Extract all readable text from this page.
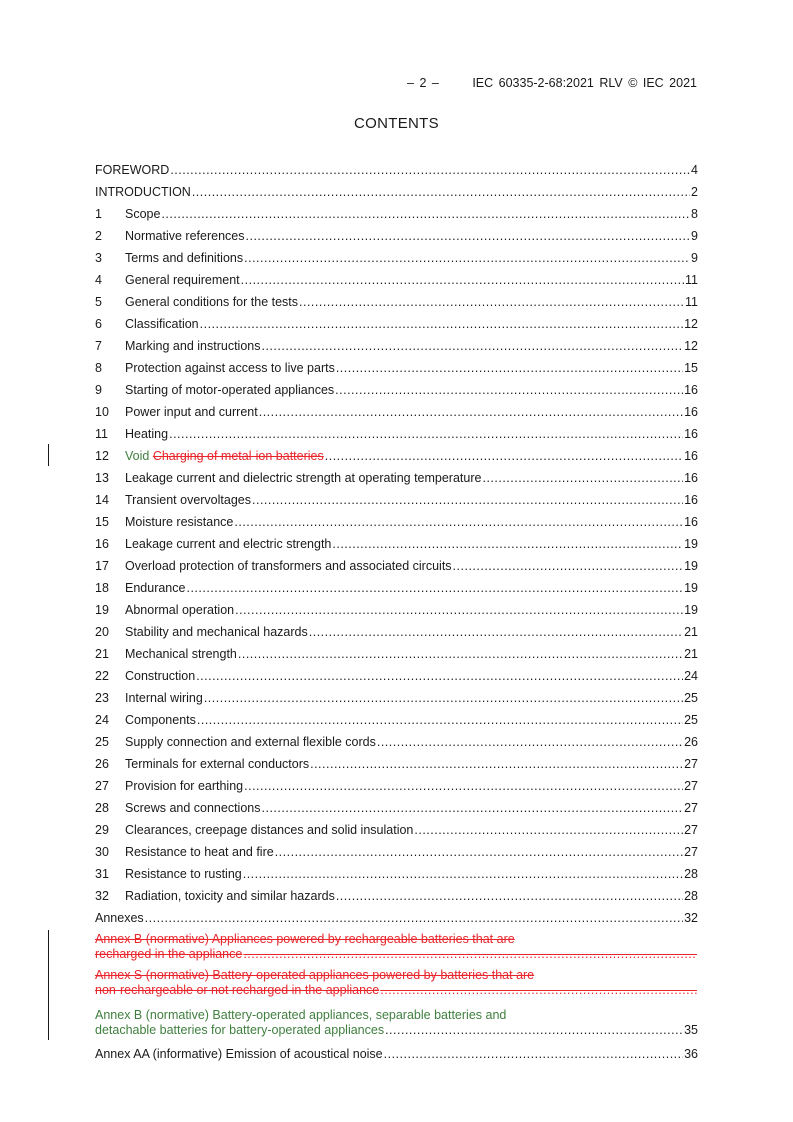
– 2 –	IEC 60335-2-68:2021 RLV © IEC 2021
CONTENTS
FOREWORD .....	4
INTRODUCTION .....	2
1	Scope .....	8
2	Normative references .....	9
3	Terms and definitions .....	9
4	General requirement .....	11
5	General conditions for the tests .....	11
6	Classification .....	12
7	Marking and instructions .....	12
8	Protection against access to live parts .....	15
9	Starting of motor-operated appliances .....	16
10	Power input and current .....	16
11	Heating .....	16
12	Void Charging of metal-ion batteries .....	16
13	Leakage current and dielectric strength at operating temperature .....	16
14	Transient overvoltages .....	16
15	Moisture resistance .....	16
16	Leakage current and electric strength .....	19
17	Overload protection of transformers and associated circuits .....	19
18	Endurance .....	19
19	Abnormal operation .....	19
20	Stability and mechanical hazards .....	21
21	Mechanical strength .....	21
22	Construction .....	24
23	Internal wiring .....	25
24	Components .....	25
25	Supply connection and external flexible cords .....	26
26	Terminals for external conductors .....	27
27	Provision for earthing .....	27
28	Screws and connections .....	27
29	Clearances, creepage distances and solid insulation .....	27
30	Resistance to heat and fire .....	27
31	Resistance to rusting .....	28
32	Radiation, toxicity and similar hazards .....	28
Annexes .....	32
Annex B (normative) Appliances powered by rechargeable batteries that are
recharged in the appliance
.....
Annex S (normative) Battery-operated appliances powered by batteries that are
non-rechargeable or not recharged in the appliance
.....
Annex B (normative) Battery-operated appliances, separable batteries and
detachable batteries for battery-operated appliances .....	35
Annex AA (informative) Emission of acoustical noise .....	36
